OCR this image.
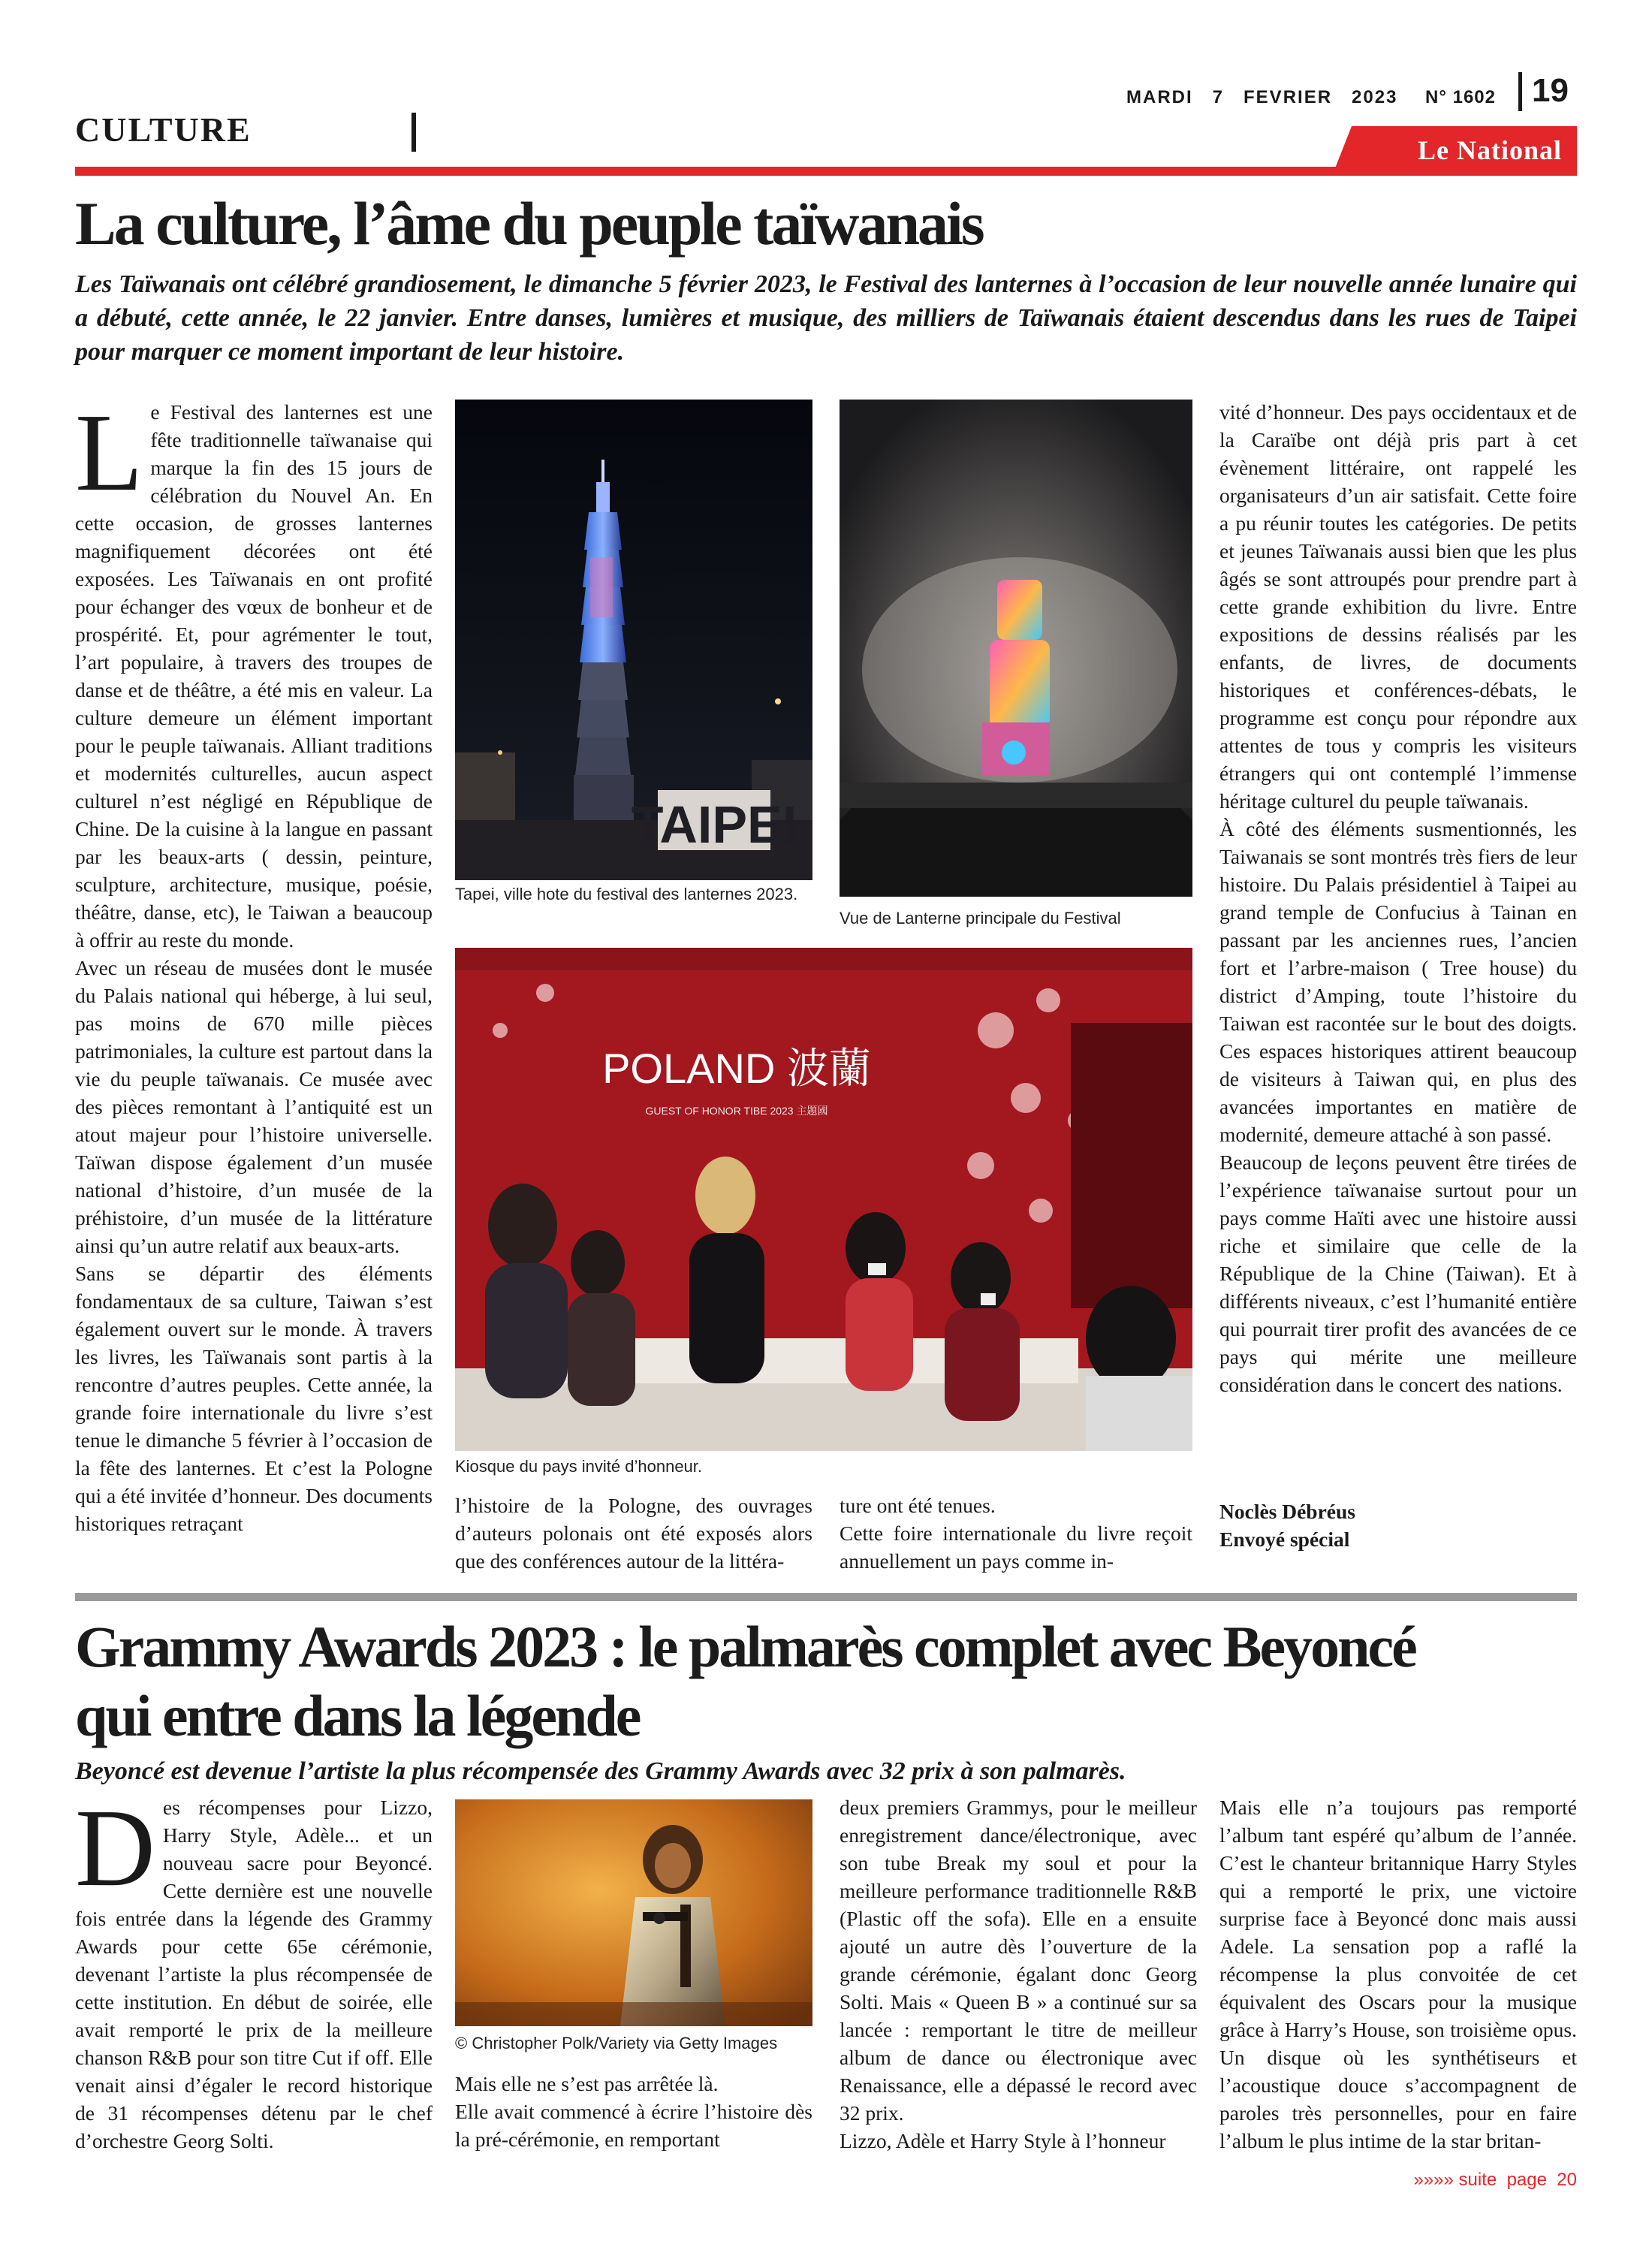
MARDI   7   FEVRIER   2023 N° 1602 19
CULTURE
Le National
La culture, l’âme du peuple taïwanais
Les Taïwanais ont célébré grandiosement, le dimanche 5 février 2023, le Festival des lanternes à l’occasion de leur nouvelle année lunaire qui a débuté, cette année, le 22 janvier. Entre danses, lumières et musique, des milliers de Taïwanais étaient descendus dans les rues de Taipei pour marquer ce moment important de leur histoire.
L e Festival des lanternes est une fête traditionnelle taïwanaise qui marque la fin des 15 jours de célébration du Nouvel An. En cette occasion, de grosses lanternes magnifiquement décorées ont été exposées. Les Taïwanais en ont profité pour échanger des vœux de bonheur et de prospérité. Et, pour agrémenter le tout, l’art populaire, à travers des troupes de danse et de théâtre, a été mis en valeur. La culture demeure un élément important pour le peuple taïwanais. Alliant traditions et modernités culturelles, aucun aspect culturel n’est négligé en République de Chine. De la cuisine à la langue en passant par les beaux-arts ( dessin, peinture, sculpture, architecture, musique, poésie, théâtre, danse, etc), le Taiwan a beaucoup à offrir au reste du monde.

Avec un réseau de musées dont le musée du Palais national qui héberge, à lui seul, pas moins de 670 mille pièces patrimoniales, la culture est partout dans la vie du peuple taïwanais. Ce musée avec des pièces remontant à l’antiquité est un atout majeur pour l’histoire universelle. Taïwan dispose également d’un musée national d’histoire, d’un musée de la préhistoire, d’un musée de la littérature ainsi qu’un autre relatif aux beaux-arts.

Sans se départir des éléments fondamentaux de sa culture, Taiwan s’est également ouvert sur le monde. À travers les livres, les Taïwanais sont partis à la rencontre d’autres peuples. Cette année, la grande foire internationale du livre s’est tenue le dimanche 5 février à l’occasion de la fête des lanternes. Et c’est la Pologne qui a été invitée d’honneur. Des documents historiques retraçant

TAIPEI
Tapei, ville hote du festival des lanternes 2023.
Vue de Lanterne principale du Festival
POLAND 波蘭
GUEST OF HONOR TIBE 2023 主題國
Kiosque du pays invité d’honneur.

l’histoire de la Pologne, des ouvrages d’auteurs polonais ont été exposés alors que des conférences autour de la littéra-

ture ont été tenues.

Cette foire internationale du livre reçoit annuellement un pays comme in-

vité d’honneur. Des pays occidentaux et de la Caraïbe ont déjà pris part à cet évènement littéraire, ont rappelé les organisateurs d’un air satisfait. Cette foire a pu réunir toutes les catégories. De petits et jeunes Taïwanais aussi bien que les plus âgés se sont attroupés pour prendre part à cette grande exhibition du livre. Entre expositions de dessins réalisés par les enfants, de livres, de documents historiques et conférences-débats, le programme est conçu pour répondre aux attentes de tous y compris les visiteurs étrangers qui ont contemplé l’immense héritage culturel du peuple taïwanais.

À côté des éléments susmentionnés, les Taiwanais se sont montrés très fiers de leur histoire. Du Palais présidentiel à Taipei au grand temple de Confucius à Tainan en passant par les anciennes rues, l’ancien fort et l’arbre-maison ( Tree house) du district d’Amping, toute l’histoire du Taiwan est racontée sur le bout des doigts. Ces espaces historiques attirent beaucoup de visiteurs à Taiwan qui, en plus des avancées importantes en matière de modernité, demeure attaché à son passé.

Beaucoup de leçons peuvent être tirées de l’expérience taïwanaise surtout pour un pays comme Haïti avec une histoire aussi riche et similaire que celle de la République de la Chine (Taiwan). Et à différents niveaux, c’est l’humanité entière qui pourrait tirer profit des avancées de ce pays qui mérite une meilleure considération dans le concert des nations.

Noclès Débréus

Envoyé spécial

Grammy Awards 2023 : le palmarès complet avec Beyoncé
qui entre dans la légende
Beyoncé est devenue l’artiste la plus récompensée des Grammy Awards avec 32 prix à son palmarès.
D es récompenses pour Lizzo, Harry Style, Adèle... et un nouveau sacre pour Beyoncé. Cette dernière est une nouvelle fois entrée dans la légende des Grammy Awards pour cette 65e cérémonie, devenant l’artiste la plus récompensée de cette institution. En début de soirée, elle avait remporté le prix de la meilleure chanson R&B pour son titre Cut if off. Elle venait ainsi d’égaler le record historique de 31 récompenses détenu par le chef d’orchestre Georg Solti.

© Christopher Polk/Variety via Getty Images

Mais elle ne s’est pas arrêtée là.

Elle avait commencé à écrire l’histoire dès la pré-cérémonie, en remportant

deux premiers Grammys, pour le meilleur enregistrement dance/électronique, avec son tube Break my soul et pour la meilleure performance traditionnelle R&B (Plastic off the sofa). Elle en a ensuite ajouté un autre dès l’ouverture de la grande cérémonie, égalant donc Georg Solti. Mais « Queen B » a continué sur sa lancée : remportant le titre de meilleur album de dance ou électronique avec Renaissance, elle a dépassé le record avec 32 prix.

Lizzo, Adèle et Harry Style à l’honneur

Mais elle n’a toujours pas remporté l’album tant espéré qu’album de l’année. C’est le chanteur britannique Harry Styles qui a remporté le prix, une victoire surprise face à Beyoncé donc mais aussi Adele. La sensation pop a raflé la récompense la plus convoitée de cet équivalent des Oscars pour la musique grâce à Harry’s House, son troisième opus. Un disque où les synthétiseurs et l’acoustique douce s’accompagnent de paroles très personnelles, pour en faire l’album le plus intime de la star britan-

»»»» suite  page  20
